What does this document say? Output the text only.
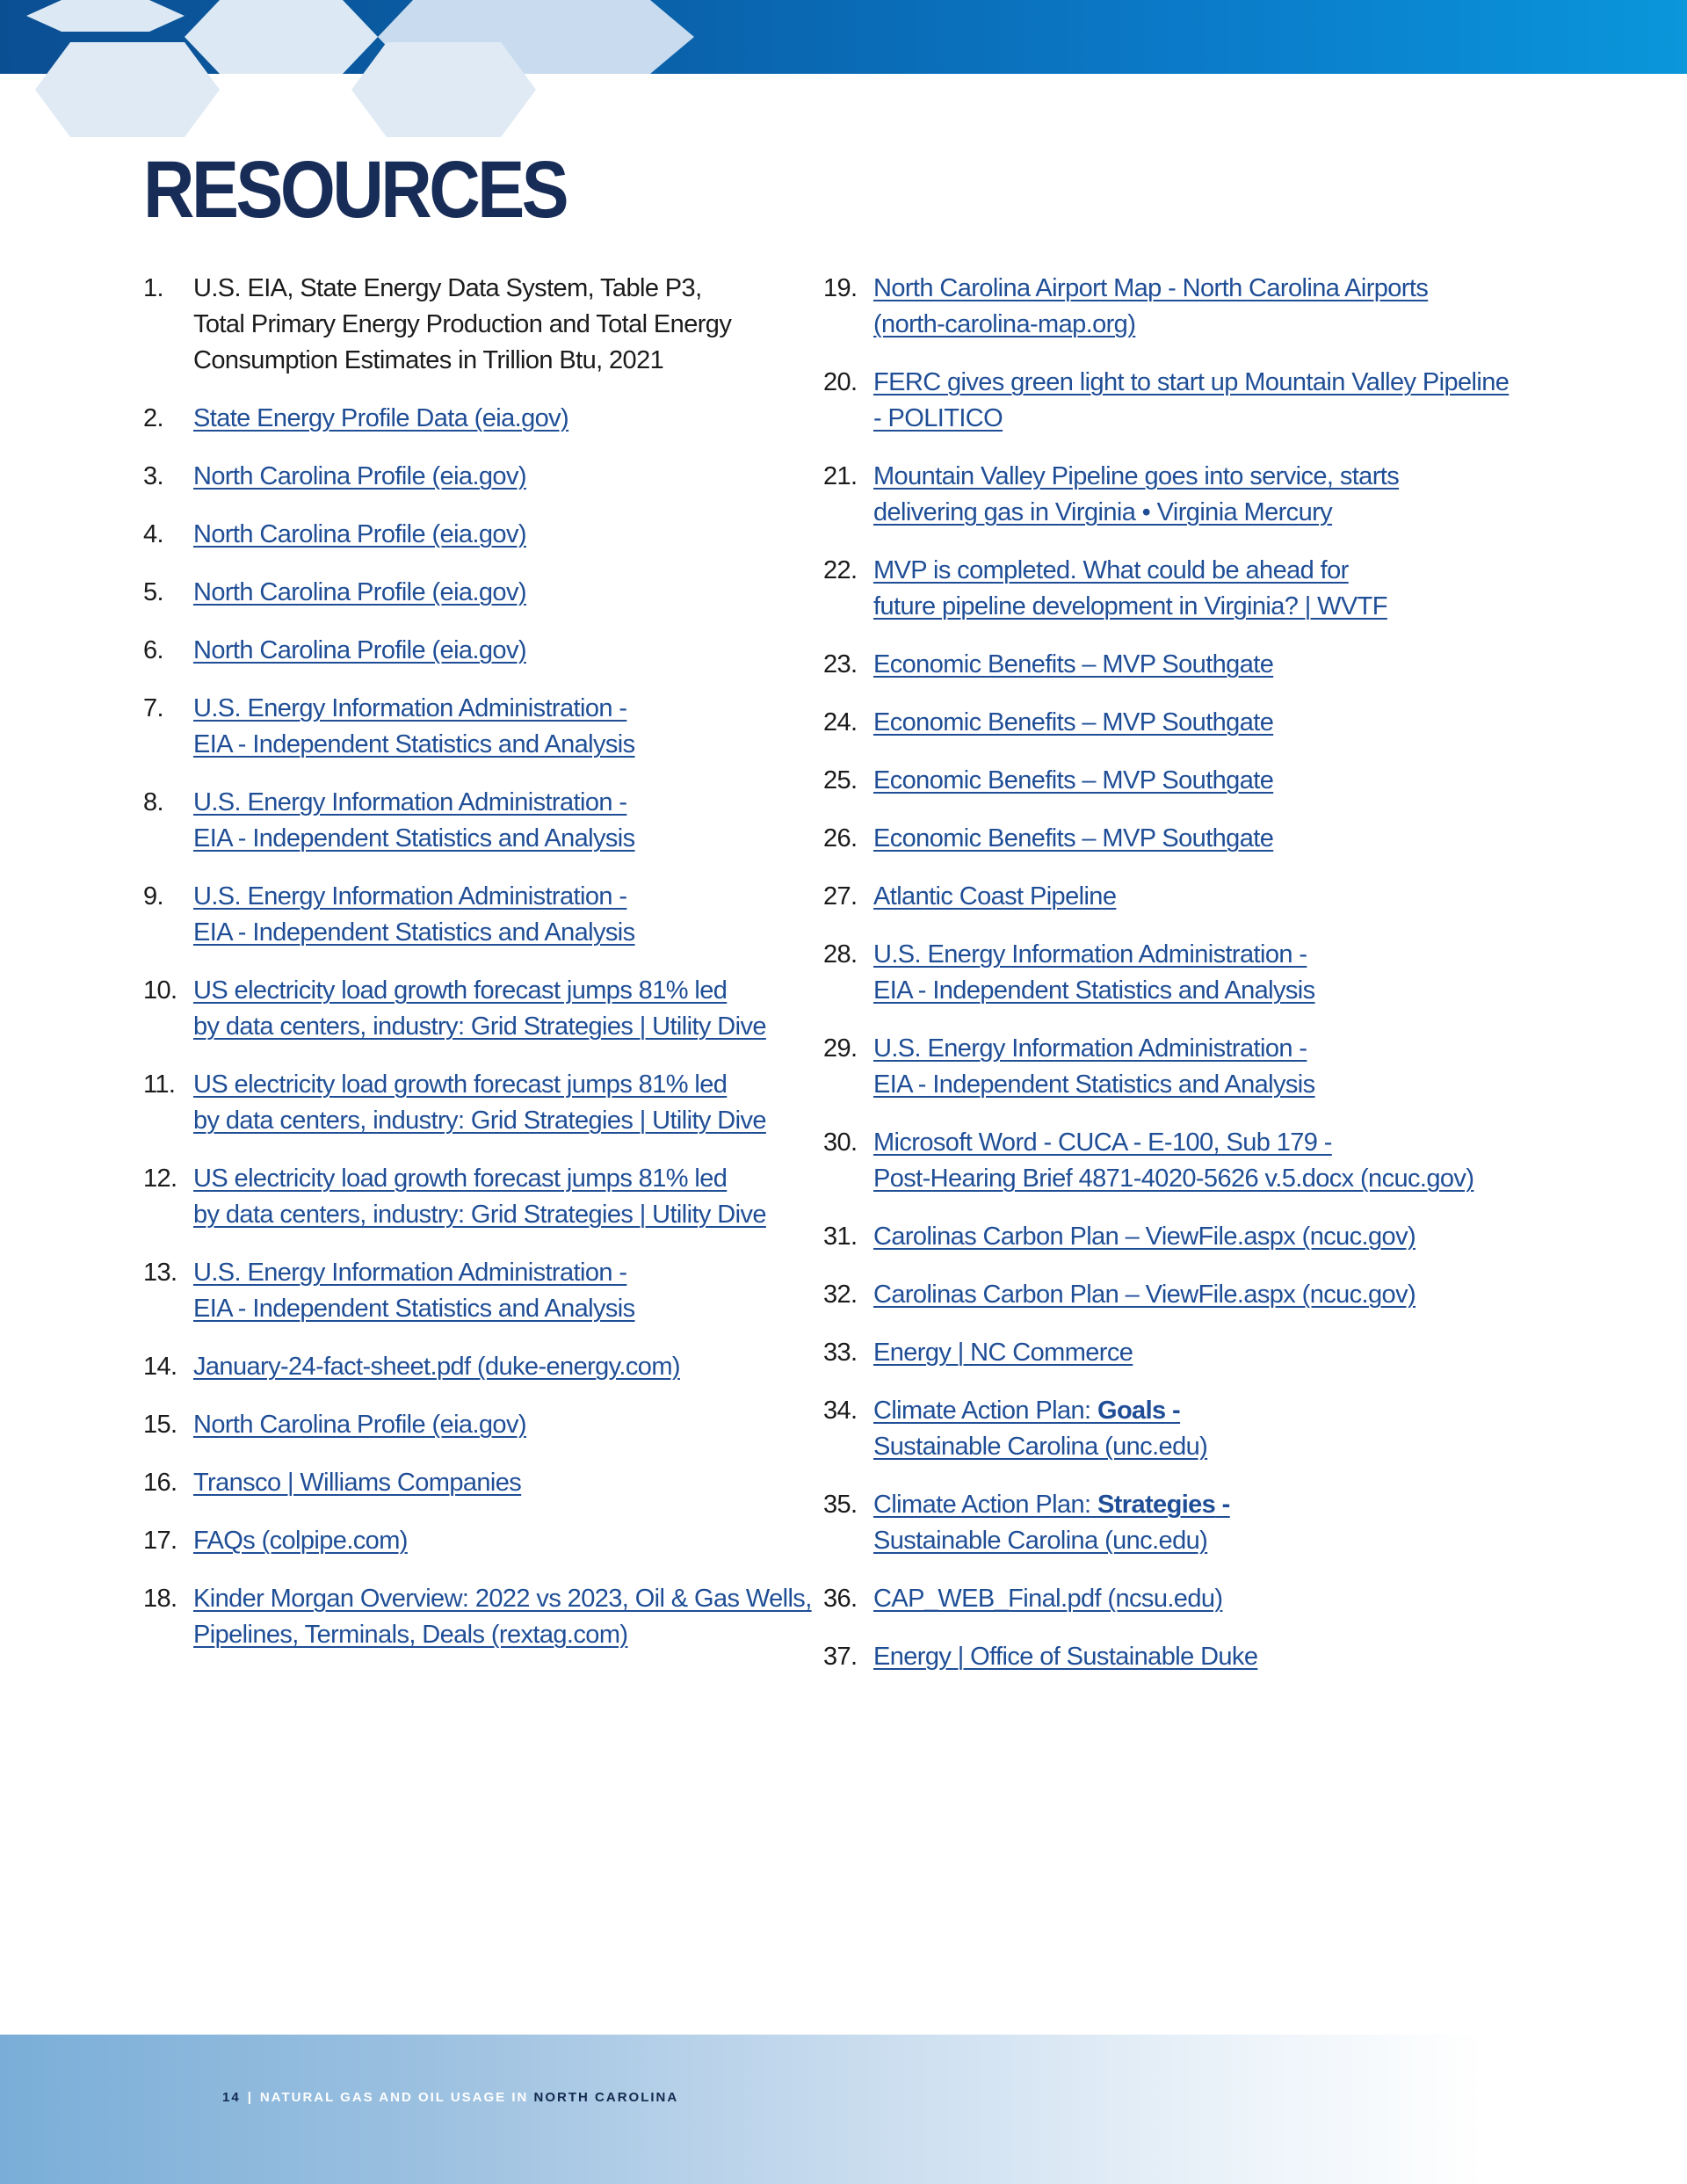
RESOURCES
1.	U.S. EIA, State Energy Data System, Table P3,
Total Primary Energy Production and Total Energy
Consumption Estimates in Trillion Btu, 2021
2.	State Energy Profile Data (eia.gov)
3.	North Carolina Profile (eia.gov)
4.	North Carolina Profile (eia.gov)
5.	North Carolina Profile (eia.gov)
6.	North Carolina Profile (eia.gov)
7.	U.S. Energy Information Administration -
EIA - Independent Statistics and Analysis
8.	U.S. Energy Information Administration -
EIA - Independent Statistics and Analysis
9.	U.S. Energy Information Administration -
EIA - Independent Statistics and Analysis
10. US electricity load growth forecast jumps 81% led
by data centers, industry: Grid Strategies | Utility Dive
11. US electricity load growth forecast jumps 81% led
by data centers, industry: Grid Strategies | Utility Dive
12. US electricity load growth forecast jumps 81% led
by data centers, industry: Grid Strategies | Utility Dive
13. U.S. Energy Information Administration -
EIA - Independent Statistics and Analysis
14. January-24-fact-sheet.pdf (duke-energy.com)
15. North Carolina Profile (eia.gov)
16. Transco | Williams Companies
17. FAQs (colpipe.com)
18. Kinder Morgan Overview: 2022 vs 2023, Oil & Gas Wells,
Pipelines, Terminals, Deals (rextag.com)
19. North Carolina Airport Map - North Carolina Airports
(north-carolina-map.org)
20. FERC gives green light to start up Mountain Valley Pipeline
- POLITICO
21. Mountain Valley Pipeline goes into service, starts
delivering gas in Virginia • Virginia Mercury
22. MVP is completed. What could be ahead for
future pipeline development in Virginia? | WVTF
23. Economic Benefits – MVP Southgate
24. Economic Benefits – MVP Southgate
25. Economic Benefits – MVP Southgate
26. Economic Benefits – MVP Southgate
27. Atlantic Coast Pipeline
28. U.S. Energy Information Administration -
EIA - Independent Statistics and Analysis
29. U.S. Energy Information Administration -
EIA - Independent Statistics and Analysis
30. Microsoft Word - CUCA - E-100, Sub 179 -
Post-Hearing Brief 4871-4020-5626 v.5.docx (ncuc.gov)
31. Carolinas Carbon Plan – ViewFile.aspx (ncuc.gov)
32. Carolinas Carbon Plan – ViewFile.aspx (ncuc.gov)
33. Energy | NC Commerce
34. Climate Action Plan: Goals -
Sustainable Carolina (unc.edu)
35. Climate Action Plan: Strategies -
Sustainable Carolina (unc.edu)
36. CAP_WEB_Final.pdf (ncsu.edu)
37. Energy | Office of Sustainable Duke
14 | NATURAL GAS AND OIL USAGE IN NORTH CAROLINA
